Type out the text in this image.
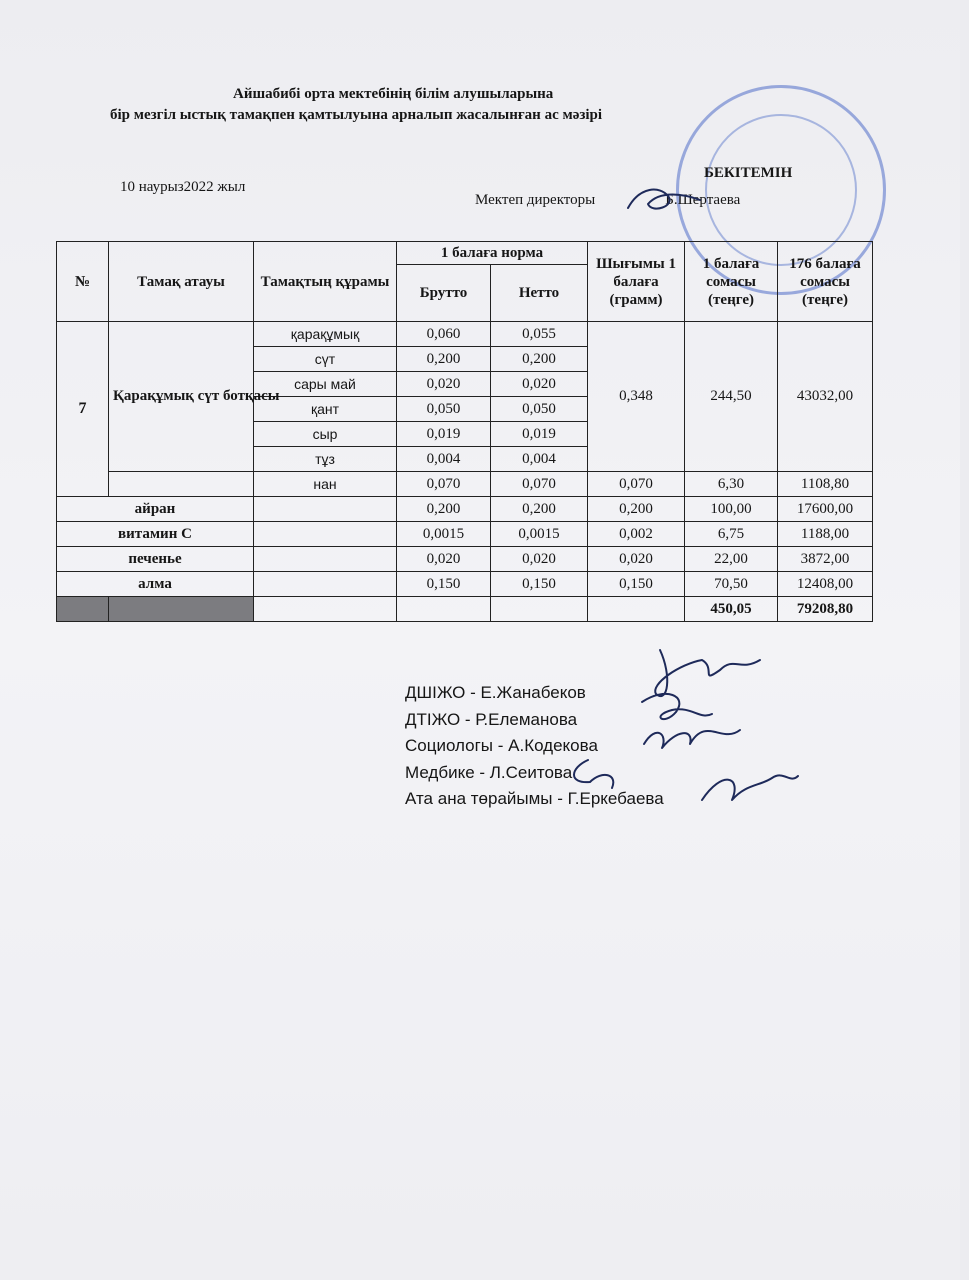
Айшабибі орта мектебінің білім алушыларына
бір мезгіл ыстық тамақпен қамтылуына арналып жасалынған ас мәзірі
10 наурыз2022 жыл
БЕКІТЕМІН
Мектеп директоры	Б.Шертаева
№	Тамақ атауы	Тамақтың құрамы	1 балаға норма		Шығымы 1 балаға (грамм)	1 балаға сомасы (теңге)	176 балаға сомасы (теңге)
			Брутто	Нетто			
7	Қарақұмық сүт ботқасы	қарақұмық	0,060	0,055	0,348	244,50	43032,00
		сүт	0,200	0,200			
		сары май	0,020	0,020			
		қант	0,050	0,050			
		сыр	0,019	0,019			
		тұз	0,004	0,004			
		нан	0,070	0,070	0,070	6,30	1108,80
айран			0,200	0,200	0,200	100,00	17600,00
витамин С			0,0015	0,0015	0,002	6,75	1188,00
печенье			0,020	0,020	0,020	22,00	3872,00
алма			0,150	0,150	0,150	70,50	12408,00
						450,05	79208,80
ДШІЖО - Е.Жанабеков
ДТІЖО - Р.Елеманова
Социологы - А.Кодекова
Медбике - Л.Сеитова
Ата ана төрайымы - Г.Еркебаева
